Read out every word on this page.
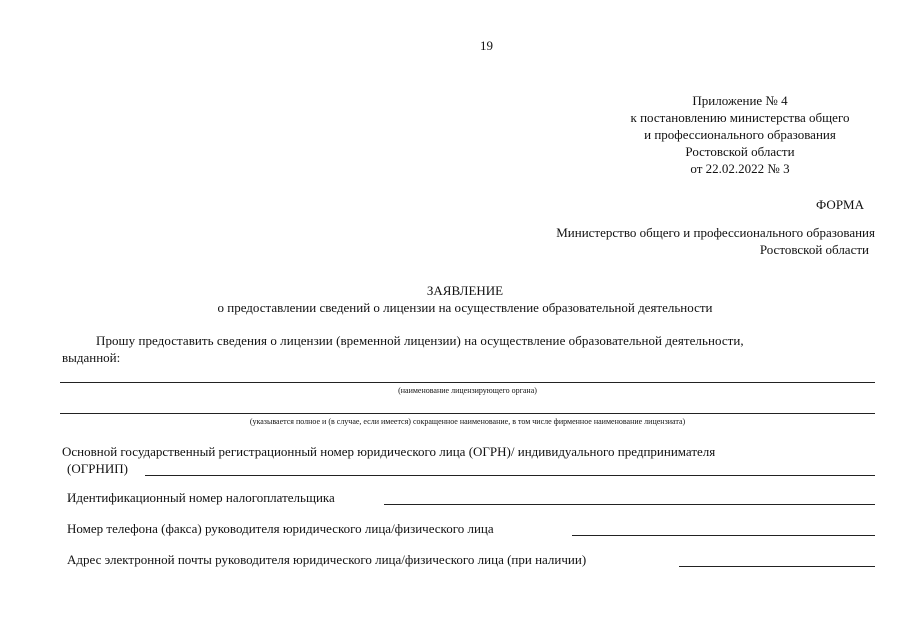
19
Приложение № 4
к постановлению министерства общего
и профессионального образования
Ростовской области
от 22.02.2022 № 3
ФОРМА
Министерство общего и профессионального образования
Ростовской области
ЗАЯВЛЕНИЕ
о предоставлении сведений о лицензии на осуществление образовательной деятельности
Прошу предоставить сведения о лицензии (временной лицензии) на осуществление образовательной деятельности,
выданной:
(наименование лицензирующего органа)
(указывается полное и (в случае, если имеется) сокращенное наименование, в том числе фирменное наименование лицензиата)
Основной государственный регистрационный номер юридического лица (ОГРН)/ индивидуального предпринимателя
(ОГРНИП)
Идентификационный номер налогоплательщика
Номер телефона (факса) руководителя юридического лица/физического лица
Адрес электронной почты руководителя юридического лица/физического лица (при наличии)
